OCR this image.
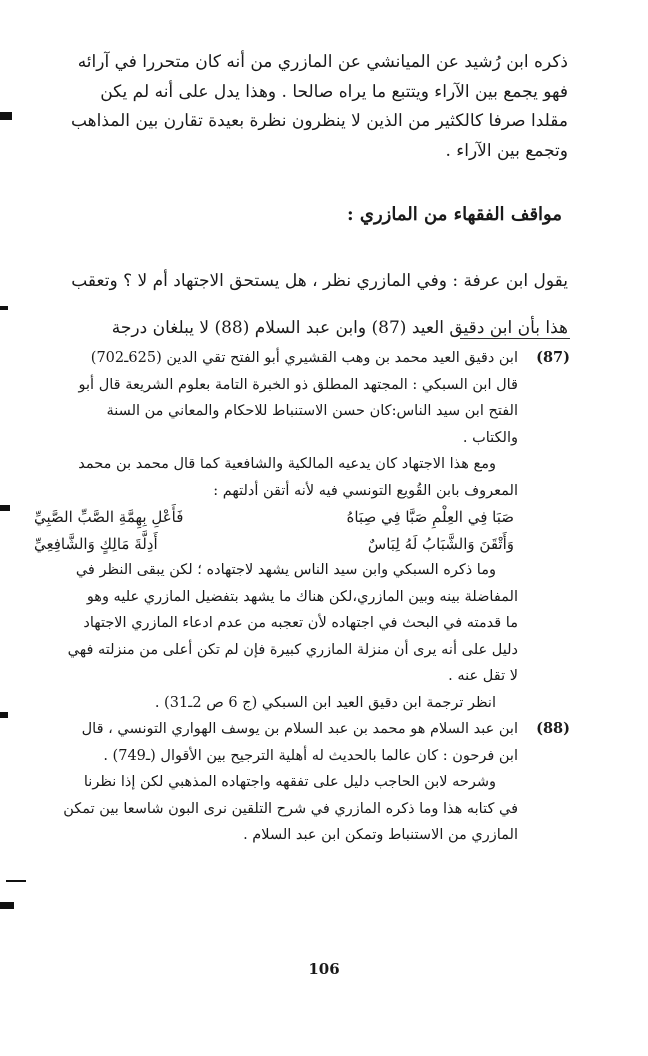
ذكره ابن رُشيد عن الميانشي عن المازري من أنه كان متحررا في آرائه

فهو يجمع بين الآراء ويتتبع ما يراه صالحا . وهذا يدل على أنه لم يكن

مقلدا صرفا كالكثير من الذين لا ينظرون نظرة بعيدة تقارن بين المذاهب

وتجمع بين الآراء .

مواقف الفقهاء من المازري :

يقول ابن عرفة : وفي المازري نظر ، هل يستحق الاجتهاد أم لا ؟ وتعقب

هذا بأن ابن دقيق العيد (87) وابن عبد السلام (88) لا يبلغان درجة

(87)

ابن دقيق العيد محمد بن وهب القشيري أبو الفتح تقي الدين (625ـ702)

قال ابن السبكي : المجتهد المطلق ذو الخبرة التامة بعلوم الشريعة قال أبو

الفتح ابن سيد الناس:كان حسن الاستنباط للاحكام والمعاني من السنة

والكتاب .

ومع هذا الاجتهاد كان يدعيه المالكية والشافعية كما قال محمد بن محمد

المعروف بابن القُويع التونسي فيه لأنه أتقن أدلتهم :

صَبَا فِي العِلْمِ صَبَّا فِي صِبَاهُ
فَأَعْلِ بِهِمَّةِ الصَّبِّ الصَّبِيِّ
وَأَتْقَنَ وَالشَّبَابُ لَهُ لِبَاسٌ
أَدِلَّةَ مَالِكٍ وَالشَّافِعِيِّ

وما ذكره السبكي وابن سيد الناس يشهد لاجتهاده ؛ لكن يبقى النظر في

المفاضلة بينه وبين المازري،لكن هناك ما يشهد بتفضيل المازري عليه وهو

ما قدمته في البحث في اجتهاده لأن تعجبه من عدم ادعاء المازري الاجتهاد

دليل على أنه يرى أن منزلة المازري كبيرة فإن لم تكن أعلى من منزلته فهي

لا تقل عنه .

انظر ترجمة ابن دقيق العيد ابن السبكي (ج 6 ص 2ـ31) .

(88)

ابن عبد السلام هو محمد بن عبد السلام بن يوسف الهواري التونسي ، قال

ابن فرحون : كان عالما بالحديث له أهلية الترجيح بين الأقوال (ـ749) .

وشرحه لابن الحاجب دليل على تفقهه واجتهاده المذهبي لكن إذا نظرنا

في كتابه هذا وما ذكره المازري في شرح التلقين نرى البون شاسعا بين تمكن

المازري من الاستنباط وتمكن ابن عبد السلام .

106
